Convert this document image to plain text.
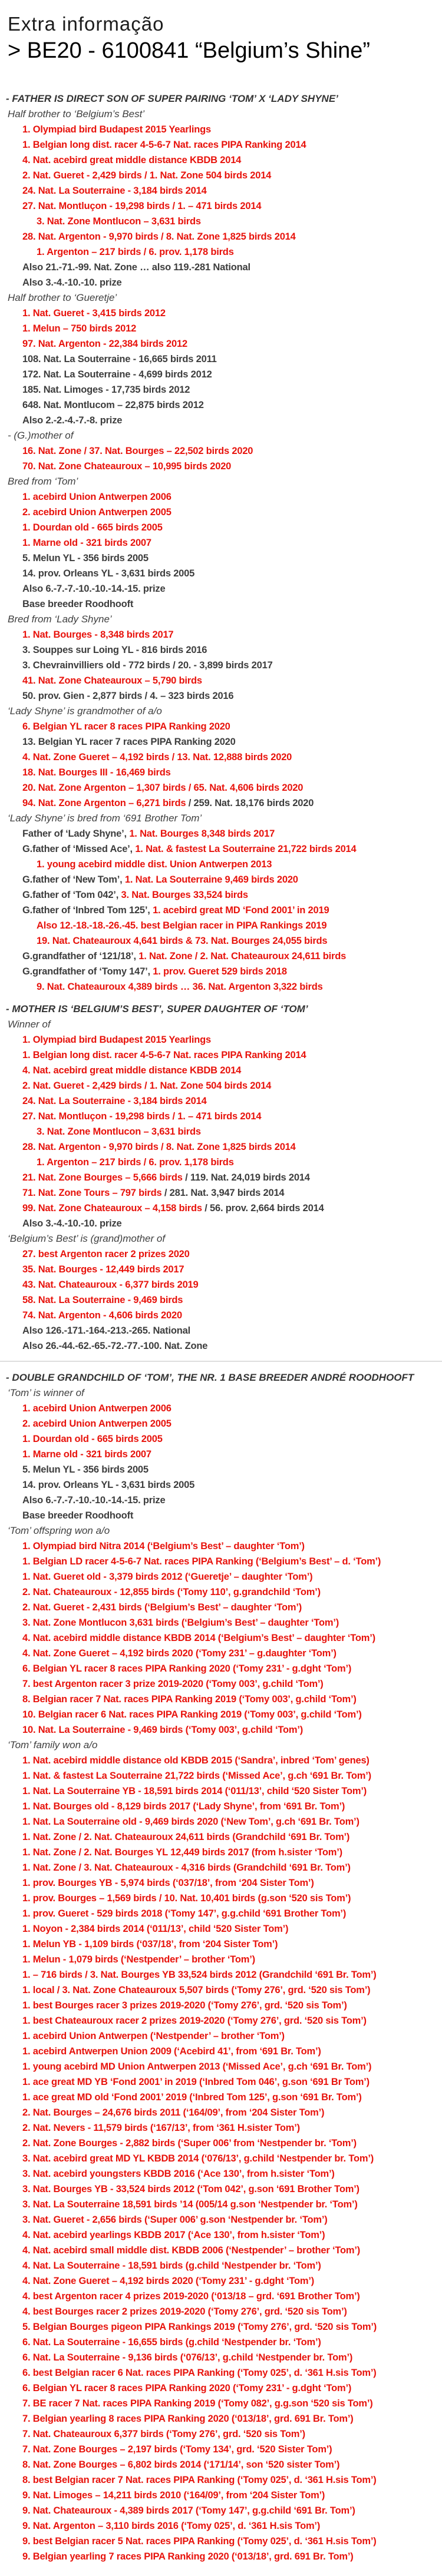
Extra informação
> BE20 - 6100841 “Belgium’s Shine”
- FATHER IS DIRECT SON OF SUPER PAIRING ‘TOM’ X ‘LADY SHYNE’
Half brother to ‘Belgium’s Best’
1. Olympiad bird Budapest 2015 Yearlings
1. Belgian long dist. racer 4-5-6-7 Nat. races PIPA Ranking 2014
4. Nat. acebird great middle distance KBDB 2014
2. Nat. Gueret - 2,429 birds / 1. Nat. Zone 504 birds 2014
24. Nat. La Souterraine - 3,184 birds 2014
27. Nat. Montluçon - 19,298 birds / 1. – 471 birds 2014
3. Nat. Zone Montlucon – 3,631 birds
28. Nat. Argenton - 9,970 birds / 8. Nat. Zone 1,825 birds 2014
1. Argenton – 217 birds / 6. prov. 1,178 birds
Also 21.-71.-99. Nat. Zone … also 119.-281 National
Also 3.-4.-10.-10. prize
Half brother to ‘Gueretje’
1. Nat. Gueret - 3,415 birds 2012
1. Melun – 750 birds 2012
97. Nat. Argenton - 22,384 birds 2012
108. Nat. La Souterraine - 16,665 birds 2011
172. Nat. La Souterraine - 4,699 birds 2012
185. Nat. Limoges - 17,735 birds 2012
648. Nat. Montlucom – 22,875 birds 2012
Also 2.-2.-4.-7.-8. prize
- (G.)mother of
16. Nat. Zone / 37. Nat. Bourges – 22,502 birds 2020
70. Nat. Zone Chateauroux – 10,995 birds 2020
Bred from ‘Tom’
1. acebird Union Antwerpen 2006
2. acebird Union Antwerpen 2005
1. Dourdan old - 665 birds 2005
1. Marne old - 321 birds 2007
5. Melun YL - 356 birds 2005
14. prov. Orleans YL - 3,631 birds 2005
Also 6.-7.-7.-10.-10.-14.-15. prize
Base breeder Roodhooft
Bred from ‘Lady Shyne’
1. Nat. Bourges - 8,348 birds 2017
3. Souppes sur Loing YL - 816 birds 2016
3. Chevrainvilliers old - 772 birds / 20. - 3,899 birds 2017
41. Nat. Zone Chateauroux – 5,790 birds
50. prov. Gien - 2,877 birds / 4. – 323 birds 2016
‘Lady Shyne’ is grandmother of a/o
6. Belgian YL racer 8 races PIPA Ranking 2020
13. Belgian YL racer 7 races PIPA Ranking 2020
4. Nat. Zone Gueret – 4,192 birds / 13. Nat. 12,888 birds 2020
18. Nat. Bourges III - 16,469 birds
20. Nat. Zone Argenton – 1,307 birds / 65. Nat. 4,606 birds 2020
94. Nat. Zone Argenton – 6,271 birds / 259. Nat. 18,176 birds 2020
‘Lady Shyne’ is bred from ‘691 Brother Tom’
Father of ‘Lady Shyne’, 1. Nat. Bourges 8,348 birds 2017
G.father of ‘Missed Ace’, 1. Nat. & fastest La Souterraine 21,722 birds 2014
1. young acebird middle dist. Union Antwerpen 2013
G.father of ‘New Tom’, 1. Nat. La Souterraine 9,469 birds 2020
G.father of ‘Tom 042’, 3. Nat. Bourges 33,524 birds
G.father of ‘Inbred Tom 125’, 1. acebird great MD ‘Fond 2001’ in 2019
Also 12.-18.-18.-26.-45. best Belgian racer in PIPA Rankings 2019
19. Nat. Chateauroux 4,641 birds & 73. Nat. Bourges 24,055 birds
G.grandfather of ‘121/18’, 1. Nat. Zone / 2. Nat. Chateauroux 24,611 birds
G.grandfather of ‘Tomy 147’, 1. prov. Gueret 529 birds 2018
9. Nat. Chateauroux 4,389 birds … 36. Nat. Argenton 3,322 birds
- MOTHER IS ‘BELGIUM’S BEST’, SUPER DAUGHTER OF ‘TOM’
Winner of
1. Olympiad bird Budapest 2015 Yearlings
1. Belgian long dist. racer 4-5-6-7 Nat. races PIPA Ranking 2014
4. Nat. acebird great middle distance KBDB 2014
2. Nat. Gueret - 2,429 birds / 1. Nat. Zone 504 birds 2014
24. Nat. La Souterraine - 3,184 birds 2014
27. Nat. Montluçon - 19,298 birds / 1. – 471 birds 2014
3. Nat. Zone Montlucon – 3,631 birds
28. Nat. Argenton - 9,970 birds / 8. Nat. Zone 1,825 birds 2014
1. Argenton – 217 birds / 6. prov. 1,178 birds
21. Nat. Zone Bourges – 5,666 birds / 119. Nat. 24,019 birds 2014
71. Nat. Zone Tours – 797 birds / 281. Nat. 3,947 birds 2014
99. Nat. Zone Chateauroux – 4,158 birds / 56. prov. 2,664 birds 2014
Also 3.-4.-10.-10. prize
‘Belgium’s Best’ is (grand)mother of
27. best Argenton racer 2 prizes 2020
35. Nat. Bourges - 12,449 birds 2017
43. Nat. Chateauroux - 6,377 birds 2019
58. Nat. La Souterraine - 9,469 birds
74. Nat. Argenton - 4,606 birds 2020
Also 126.-171.-164.-213.-265. National
Also 26.-44.-62.-65.-72.-77.-100. Nat. Zone
- DOUBLE GRANDCHILD OF ‘TOM’, THE NR. 1 BASE BREEDER ANDRÉ ROODHOOFT
‘Tom’ is winner of
1. acebird Union Antwerpen 2006
2. acebird Union Antwerpen 2005
1. Dourdan old - 665 birds 2005
1. Marne old - 321 birds 2007
5. Melun YL - 356 birds 2005
14. prov. Orleans YL - 3,631 birds 2005
Also 6.-7.-7.-10.-10.-14.-15. prize
Base breeder Roodhooft
‘Tom’ offspring won a/o
1. Olympiad bird Nitra 2014 (‘Belgium’s Best’ – daughter ‘Tom’)
1. Belgian LD racer 4-5-6-7 Nat. races PIPA Ranking (‘Belgium’s Best’ – d. ‘Tom’)
1. Nat. Gueret old - 3,379 birds 2012 (‘Gueretje’ – daughter ‘Tom’)
2. Nat. Chateauroux - 12,855 birds (‘Tomy 110’, g.grandchild ‘Tom’)
2. Nat. Gueret - 2,431 birds (‘Belgium’s Best’ – daughter ‘Tom’)
3. Nat. Zone Montlucon 3,631 birds (‘Belgium’s Best’ – daughter ‘Tom’)
4. Nat. acebird middle distance KBDB 2014 (‘Belgium’s Best’ – daughter ‘Tom’)
4. Nat. Zone Gueret – 4,192 birds 2020 (‘Tomy 231’ – g.daughter ‘Tom’)
6. Belgian YL racer 8 races PIPA Ranking 2020 (‘Tomy 231’ - g.dght ‘Tom’)
7. best Argenton racer 3 prize 2019-2020 (‘Tomy 003’, g.child ‘Tom’)
8. Belgian racer 7 Nat. races PIPA Ranking 2019 (‘Tomy 003’, g.child ‘Tom’)
10. Belgian racer 6 Nat. races PIPA Ranking 2019 (‘Tomy 003’, g.child ‘Tom’)
10. Nat. La Souterraine - 9,469 birds (‘Tomy 003’, g.child ‘Tom’)
‘Tom’ family won a/o
1. Nat. acebird middle distance old KBDB 2015 (‘Sandra’, inbred ‘Tom’ genes)
1. Nat. & fastest La Souterraine 21,722 birds (‘Missed Ace’, g.ch ‘691 Br. Tom’)
1. Nat. La Souterraine YB - 18,591 birds 2014 (‘011/13’, child ‘520 Sister Tom’)
1. Nat. Bourges old - 8,129 birds 2017 (‘Lady Shyne’, from ‘691 Br. Tom’)
1. Nat. La Souterraine old - 9,469 birds 2020 (‘New Tom’, g.ch ‘691 Br. Tom’)
1. Nat. Zone / 2. Nat. Chateauroux 24,611 birds (Grandchild ‘691 Br. Tom’)
1. Nat. Zone / 2. Nat. Bourges YL 12,449 birds 2017 (from h.sister ‘Tom’)
1. Nat. Zone / 3. Nat. Chateauroux - 4,316 birds (Grandchild ‘691 Br. Tom’)
1. prov. Bourges YB - 5,974 birds (‘037/18’, from ‘204 Sister Tom’)
1. prov. Bourges – 1,569 birds / 10. Nat. 10,401 birds (g.son ‘520 sis Tom’)
1. prov. Gueret - 529 birds 2018 (‘Tomy 147’, g.g.child ‘691 Brother Tom’)
1. Noyon - 2,384 birds 2014 (‘011/13’, child ‘520 Sister Tom’)
1. Melun YB - 1,109 birds (‘037/18’, from ‘204 Sister Tom’)
1. Melun - 1,079 birds (‘Nestpender’ – brother ‘Tom’)
1. – 716 birds / 3. Nat. Bourges YB 33,524 birds 2012 (Grandchild ‘691 Br. Tom’)
1. local / 3. Nat. Zone Chateauroux 5,507 birds (‘Tomy 276’, grd. ‘520 sis Tom’)
1. best Bourges racer 3 prizes 2019-2020 (‘Tomy 276’, grd. ‘520 sis Tom’)
1. best Chateauroux racer 2 prizes 2019-2020 (‘Tomy 276’, grd. ‘520 sis Tom’)
1. acebird Union Antwerpen (‘Nestpender’ – brother ‘Tom’)
1. acebird Antwerpen Union 2009 (‘Acebird 41’, from ‘691 Br. Tom’)
1. young acebird MD Union Antwerpen 2013 (‘Missed Ace’, g.ch ‘691 Br. Tom’)
1. ace great MD YB ‘Fond 2001’ in 2019 (‘Inbred Tom 046’, g.son ‘691 Br Tom’)
1. ace great MD old ‘Fond 2001’ 2019 (‘Inbred Tom 125’, g.son ‘691 Br. Tom’)
2. Nat. Bourges – 24,676 birds 2011 (‘164/09’, from ‘204 Sister Tom’)
2. Nat. Nevers - 11,579 birds (‘167/13’, from ‘361 H.sister Tom’)
2. Nat. Zone Bourges - 2,882 birds (‘Super 006’ from ‘Nestpender br. ‘Tom’)
3. Nat. acebird great MD YL KBDB 2014 (‘076/13’, g.child ‘Nestpender br. Tom’)
3. Nat. acebird youngsters KBDB 2016 (‘Ace 130’, from h.sister ‘Tom’)
3. Nat. Bourges YB - 33,524 birds 2012 (‘Tom 042’, g.son ‘691 Brother Tom’)
3. Nat. La Souterraine 18,591 birds ’14 (005/14 g.son ‘Nestpender br. ‘Tom’)
3. Nat. Gueret - 2,656 birds (‘Super 006’ g.son ‘Nestpender br. ‘Tom’)
4. Nat. acebird yearlings KBDB 2017 (‘Ace 130’, from h.sister ‘Tom’)
4. Nat. acebird small middle dist. KBDB 2006 (‘Nestpender’ – brother ‘Tom’)
4. Nat. La Souterraine - 18,591 birds (g.child ‘Nestpender br. ‘Tom’)
4. Nat. Zone Gueret – 4,192 birds 2020 (‘Tomy 231’ - g.dght ‘Tom’)
4. best Argenton racer 4 prizes 2019-2020 (‘013/18 – grd. ‘691 Brother Tom’)
4. best Bourges racer 2 prizes 2019-2020 (‘Tomy 276’, grd. ‘520 sis Tom’)
5. Belgian Bourges pigeon PIPA Rankings 2019 (‘Tomy 276’, grd. ‘520 sis Tom’)
6. Nat. La Souterraine - 16,655 birds (g.child ‘Nestpender br. ‘Tom’)
6. Nat. La Souterraine - 9,136 birds (‘076/13’, g.child ‘Nestpender br. Tom’)
6. best Belgian racer 6 Nat. races PIPA Ranking (‘Tomy 025’, d. ‘361 H.sis Tom’)
6. Belgian YL racer 8 races PIPA Ranking 2020 (‘Tomy 231’ - g.dght ‘Tom’)
7. BE racer 7 Nat. races PIPA Ranking 2019 (‘Tomy 082’, g.g.son ‘520 sis Tom’)
7. Belgian yearling 8 races PIPA Ranking 2020 (‘013/18’, grd. 691 Br. Tom’)
7. Nat. Chateauroux 6,377 birds (‘Tomy 276’, grd. ‘520 sis Tom’)
7. Nat. Zone Bourges – 2,197 birds (‘Tomy 134’, grd. ‘520 Sister Tom’)
8. Nat. Zone Bourges – 6,802 birds 2014 (‘171/14’, son ‘520 sister Tom’)
8. best Belgian racer 7 Nat. races PIPA Ranking (‘Tomy 025’, d. ‘361 H.sis Tom’)
9. Nat. Limoges – 14,211 birds 2010 (‘164/09’, from ‘204 Sister Tom’)
9. Nat. Chateauroux - 4,389 birds 2017 (‘Tomy 147’, g.g.child ‘691 Br. Tom’)
9. Nat. Argenton – 3,110 birds 2016 (‘Tomy 025’, d. ‘361 H.sis Tom’)
9. best Belgian racer 5 Nat. races PIPA Ranking (‘Tomy 025’, d. ‘361 H.sis Tom’)
9. Belgian yearling 7 races PIPA Ranking 2020 (‘013/18’, grd. 691 Br. Tom’)
